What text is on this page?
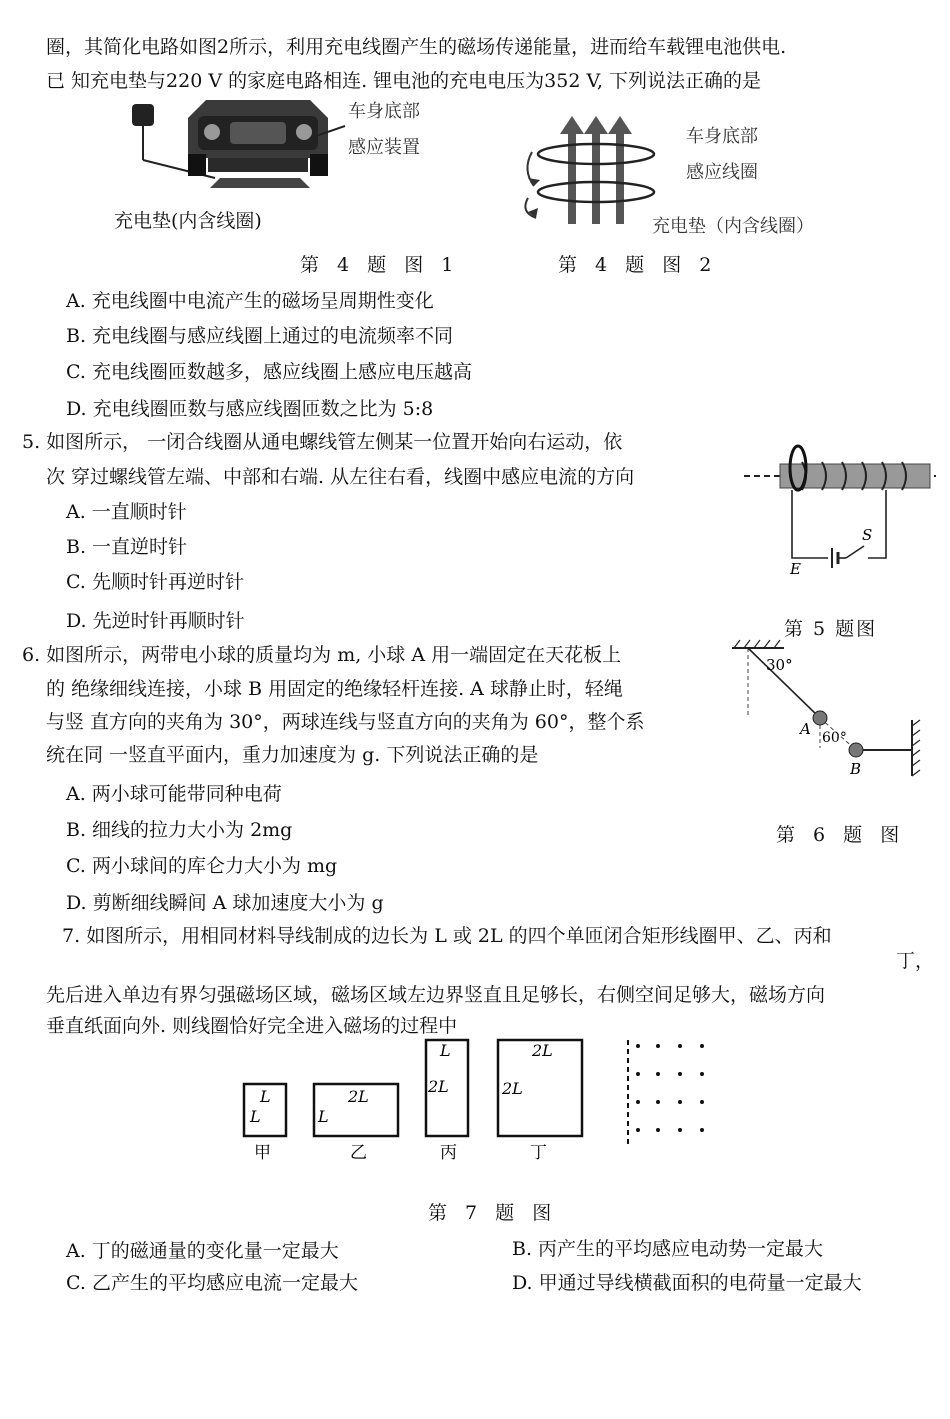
圈，其简化电路如图2所示，利用充电线圈产生的磁场传递能量，进而给车载锂电池供电.
已 知充电垫与220 V 的家庭电路相连. 锂电池的充电电压为352 V, 下列说法正确的是
车身底部
感应装置
充电垫(内含线圈)
车身底部
感应线圈
充电垫（内含线圈）
第 4 题 图 1	第 4 题 图 2
A. 充电线圈中电流产生的磁场呈周期性变化
B. 充电线圈与感应线圈上通过的电流频率不同
C. 充电线圈匝数越多，感应线圈上感应电压越高
D. 充电线圈匝数与感应线圈匝数之比为 5:8
5. 如图所示， 一闭合线圈从通电螺线管左侧某一位置开始向右运动，依
次 穿过螺线管左端、中部和右端. 从左往右看，线圈中感应电流的方向
A. 一直顺时针
B. 一直逆时针
C. 先顺时针再逆时针
D. 先逆时针再顺时针
S
E
第 5 题图
6. 如图所示，两带电小球的质量均为 m, 小球 A 用一端固定在天花板上
的 绝缘细线连接，小球 B 用固定的绝缘轻杆连接. A 球静止时，轻绳
与竖 直方向的夹角为 30°，两球连线与竖直方向的夹角为 60°，整个系
统在同 一竖直平面内，重力加速度为 g. 下列说法正确的是
A. 两小球可能带同种电荷
B. 细线的拉力大小为 2mg
C. 两小球间的库仑力大小为 mg
D. 剪断细线瞬间 A 球加速度大小为 g
30°
60°
A
B
第 6 题 图
7. 如图所示，用相同材料导线制成的边长为 L 或 2L 的四个单匝闭合矩形线圈甲、乙、丙和
丁，
先后进入单边有界匀强磁场区域，磁场区域左边界竖直且足够长，右侧空间足够大，磁场方向
垂直纸面向外. 则线圈恰好完全进入磁场的过程中
L
L
甲
2L
L
乙
L
2L
丙
2L
2L
丁
第 7 题 图
A. 丁的磁通量的变化量一定最大	B. 丙产生的平均感应电动势一定最大
C. 乙产生的平均感应电流一定最大	D. 甲通过导线横截面积的电荷量一定最大
